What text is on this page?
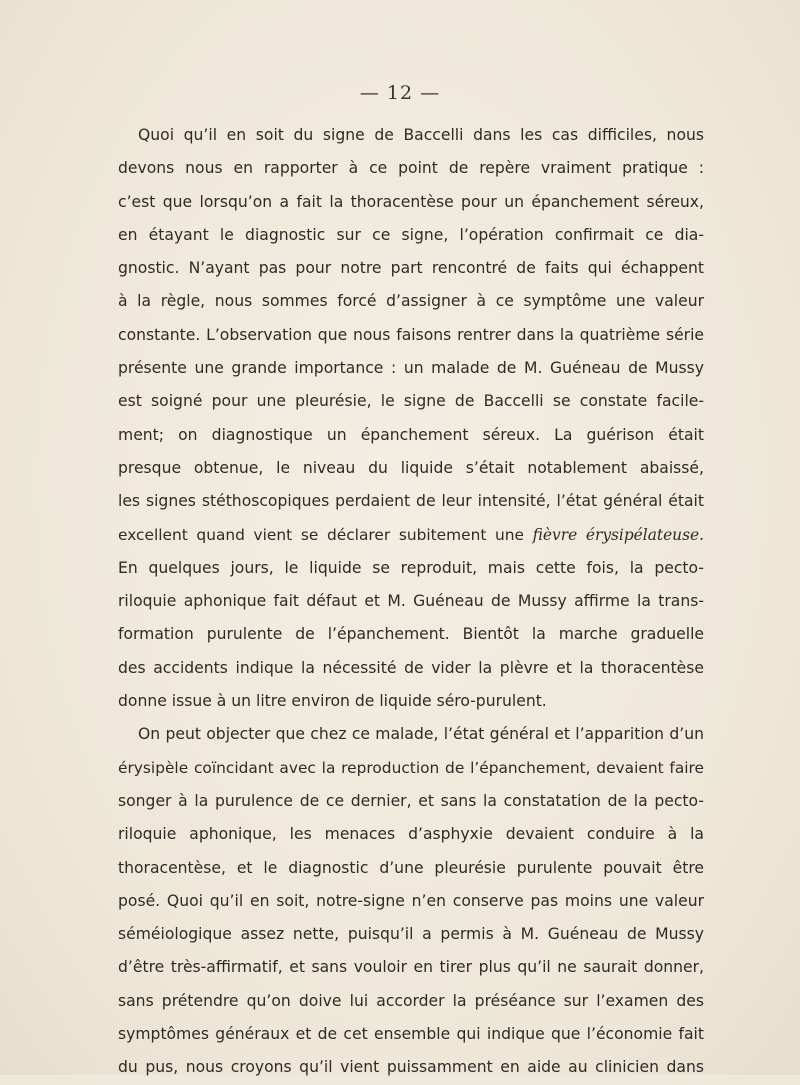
— 12 —
Quoi qu’il en soit du signe de Baccelli dans les cas difficiles, nous
devons nous en rapporter à ce point de repère vraiment pratique :
c’est que lorsqu’on a fait la thoracentèse pour un épanchement séreux,
en étayant le diagnostic sur ce signe, l’opération confirmait ce dia-
gnostic. N’ayant pas pour notre part rencontré de faits qui échappent
à la règle, nous sommes forcé d’assigner à ce symptôme une valeur
constante. L’observation que nous faisons rentrer dans la quatrième série
présente une grande importance : un malade de M. Guéneau de Mussy
est soigné pour une pleurésie, le signe de Baccelli se constate facile-
ment; on diagnostique un épanchement séreux. La guérison était
presque obtenue, le niveau du liquide s’était notablement abaissé,
les signes stéthoscopiques perdaient de leur intensité, l’état général était
excellent quand vient se déclarer subitement une fièvre érysipélateuse.
En quelques jours, le liquide se reproduit, mais cette fois, la pecto-
riloquie aphonique fait défaut et M. Guéneau de Mussy affirme la trans-
formation purulente de l’épanchement. Bientôt la marche graduelle
des accidents indique la nécessité de vider la plèvre et la thoracentèse
donne issue à un litre environ de liquide séro-purulent.
On peut objecter que chez ce malade, l’état général et l’apparition d’un
érysipèle coïncidant avec la reproduction de l’épanchement, devaient faire
songer à la purulence de ce dernier, et sans la constatation de la pecto-
riloquie aphonique, les menaces d’asphyxie devaient conduire à la
thoracentèse, et le diagnostic d’une pleurésie purulente pouvait être
posé. Quoi qu’il en soit, notre-signe n’en conserve pas moins une valeur
séméiologique assez nette, puisqu’il a permis à M. Guéneau de Mussy
d’être très-affirmatif, et sans vouloir en tirer plus qu’il ne saurait donner,
sans prétendre qu’on doive lui accorder la préséance sur l’examen des
symptômes généraux et de cet ensemble qui indique que l’économie fait
du pus, nous croyons qu’il vient puissamment en aide au clinicien dans
